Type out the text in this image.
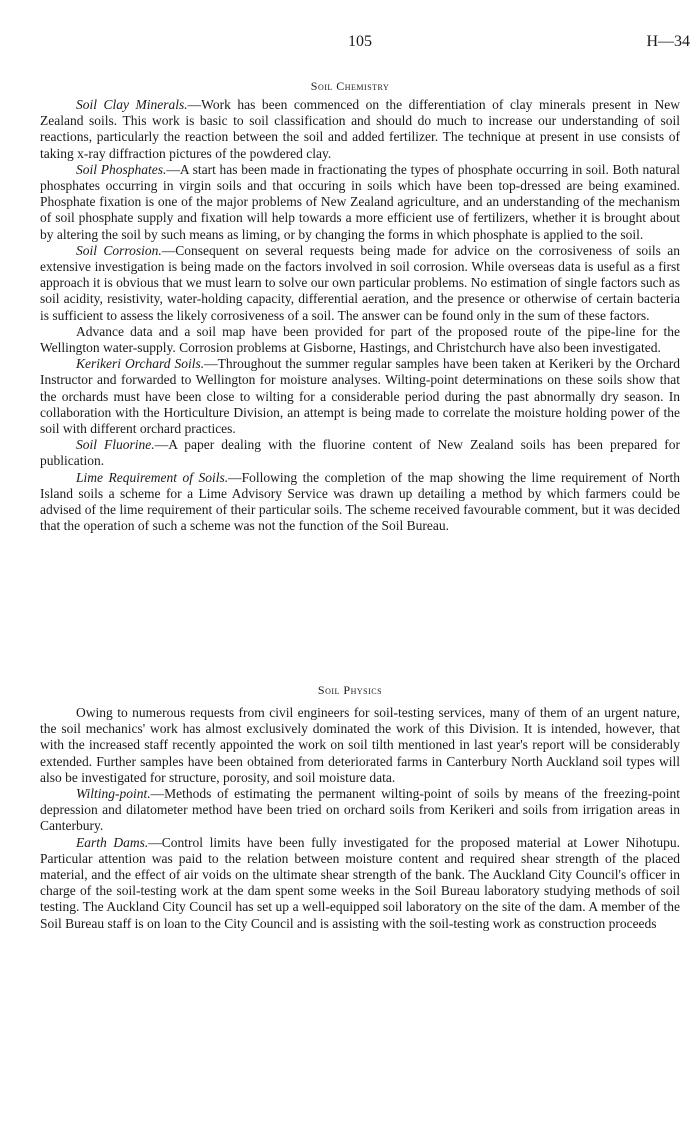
105	H—34
Soil Chemistry

Soil Clay Minerals.—Work has been commenced on the differentiation of clay minerals present in New Zealand soils. This work is basic to soil classification and should do much to increase our understanding of soil reactions, particularly the reaction between the soil and added fertilizer. The technique at present in use consists of taking x-ray diffraction pictures of the powdered clay.

Soil Phosphates.—A start has been made in fractionating the types of phosphate occurring in soil. Both natural phosphates occurring in virgin soils and that occuring in soils which have been top-dressed are being examined. Phosphate fixation is one of the major problems of New Zealand agriculture, and an understanding of the mechanism of soil phosphate supply and fixation will help towards a more efficient use of fertilizers, whether it is brought about by altering the soil by such means as liming, or by changing the forms in which phosphate is applied to the soil.

Soil Corrosion.—Consequent on several requests being made for advice on the corrosiveness of soils an extensive investigation is being made on the factors involved in soil corrosion. While overseas data is useful as a first approach it is obvious that we must learn to solve our own particular problems. No estimation of single factors such as soil acidity, resistivity, water-holding capacity, differential aeration, and the presence or otherwise of certain bacteria is sufficient to assess the likely corrosiveness of a soil. The answer can be found only in the sum of these factors.

Advance data and a soil map have been provided for part of the proposed route of the pipe-line for the Wellington water-supply. Corrosion problems at Gisborne, Hastings, and Christchurch have also been investigated.

Kerikeri Orchard Soils.—Throughout the summer regular samples have been taken at Kerikeri by the Orchard Instructor and forwarded to Wellington for moisture analyses. Wilting-point determinations on these soils show that the orchards must have been close to wilting for a considerable period during the past abnormally dry season. In collaboration with the Horticulture Division, an attempt is being made to correlate the moisture holding power of the soil with different orchard practices.

Soil Fluorine.—A paper dealing with the fluorine content of New Zealand soils has been prepared for publication.

Lime Requirement of Soils.—Following the completion of the map showing the lime requirement of North Island soils a scheme for a Lime Advisory Service was drawn up detailing a method by which farmers could be advised of the lime requirement of their particular soils. The scheme received favourable comment, but it was decided that the operation of such a scheme was not the function of the Soil Bureau.

Soil Physics

Owing to numerous requests from civil engineers for soil-testing services, many of them of an urgent nature, the soil mechanics' work has almost exclusively dominated the work of this Division. It is intended, however, that with the increased staff recently appointed the work on soil tilth mentioned in last year's report will be considerably extended. Further samples have been obtained from deteriorated farms in Canterbury North Auckland soil types will also be investigated for structure, porosity, and soil moisture data.

Wilting-point.—Methods of estimating the permanent wilting-point of soils by means of the freezing-point depression and dilatometer method have been tried on orchard soils from Kerikeri and soils from irrigation areas in Canterbury.

Earth Dams.—Control limits have been fully investigated for the proposed material at Lower Nihotupu. Particular attention was paid to the relation between moisture content and required shear strength of the placed material, and the effect of air voids on the ultimate shear strength of the bank. The Auckland City Council's officer in charge of the soil-testing work at the dam spent some weeks in the Soil Bureau laboratory studying methods of soil testing. The Auckland City Council has set up a well-equipped soil laboratory on the site of the dam. A member of the Soil Bureau staff is on loan to the City Council and is assisting with the soil-testing work as construction proceeds
